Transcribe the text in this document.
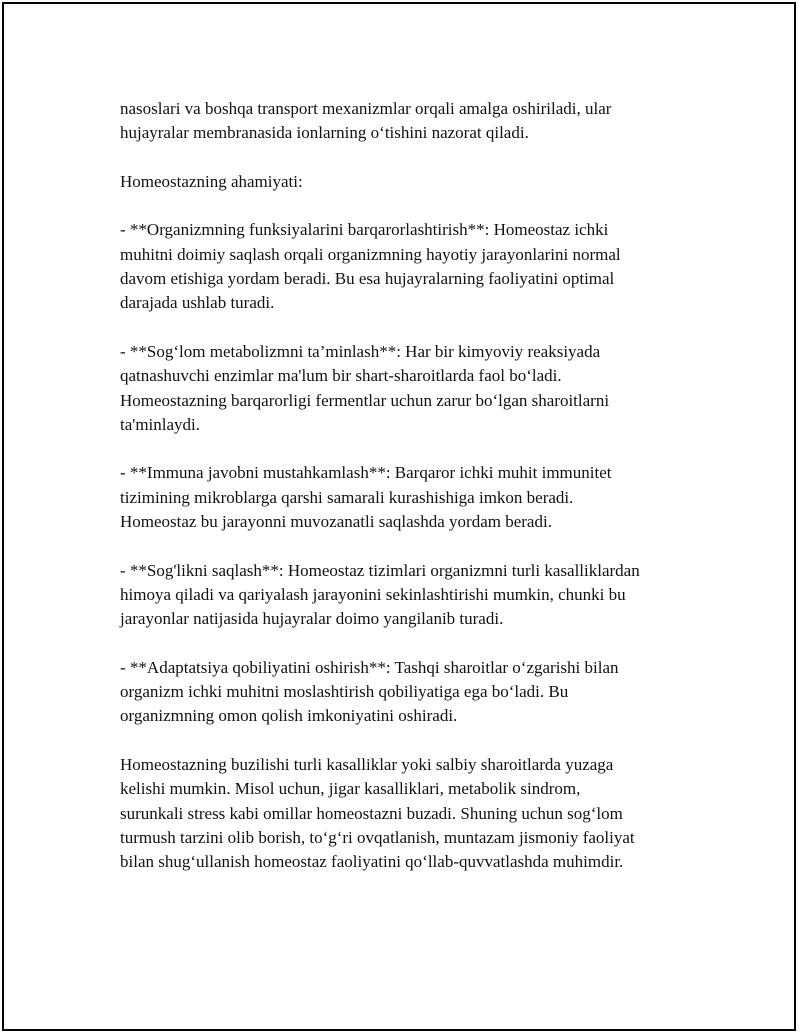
nasoslari va boshqa transport mexanizmlar orqali amalga oshiriladi, ular
hujayralar membranasida ionlarning o‘tishini nazorat qiladi.

Homeostazning ahamiyati:

- **Organizmning funksiyalarini barqarorlashtirish**: Homeostaz ichki
muhitni doimiy saqlash orqali organizmning hayotiy jarayonlarini normal
davom etishiga yordam beradi. Bu esa hujayralarning faoliyatini optimal
darajada ushlab turadi.

- **Sog‘lom metabolizmni ta’minlash**: Har bir kimyoviy reaksiyada
qatnashuvchi enzimlar ma'lum bir shart-sharoitlarda faol bo‘ladi.
Homeostazning barqarorligi fermentlar uchun zarur bo‘lgan sharoitlarni
ta'minlaydi.

- **Immuna javobni mustahkamlash**: Barqaror ichki muhit immunitet
tizimining mikroblarga qarshi samarali kurashishiga imkon beradi.
Homeostaz bu jarayonni muvozanatli saqlashda yordam beradi.

- **Sog'likni saqlash**: Homeostaz tizimlari organizmni turli kasalliklardan
himoya qiladi va qariyalash jarayonini sekinlashtirishi mumkin, chunki bu
jarayonlar natijasida hujayralar doimo yangilanib turadi.

- **Adaptatsiya qobiliyatini oshirish**: Tashqi sharoitlar o‘zgarishi bilan
organizm ichki muhitni moslashtirish qobiliyatiga ega bo‘ladi. Bu
organizmning omon qolish imkoniyatini oshiradi.

Homeostazning buzilishi turli kasalliklar yoki salbiy sharoitlarda yuzaga
kelishi mumkin. Misol uchun, jigar kasalliklari, metabolik sindrom,
surunkali stress kabi omillar homeostazni buzadi. Shuning uchun sog‘lom
turmush tarzini olib borish, to‘g‘ri ovqatlanish, muntazam jismoniy faoliyat
bilan shug‘ullanish homeostaz faoliyatini qo‘llab-quvvatlashda muhimdir.
